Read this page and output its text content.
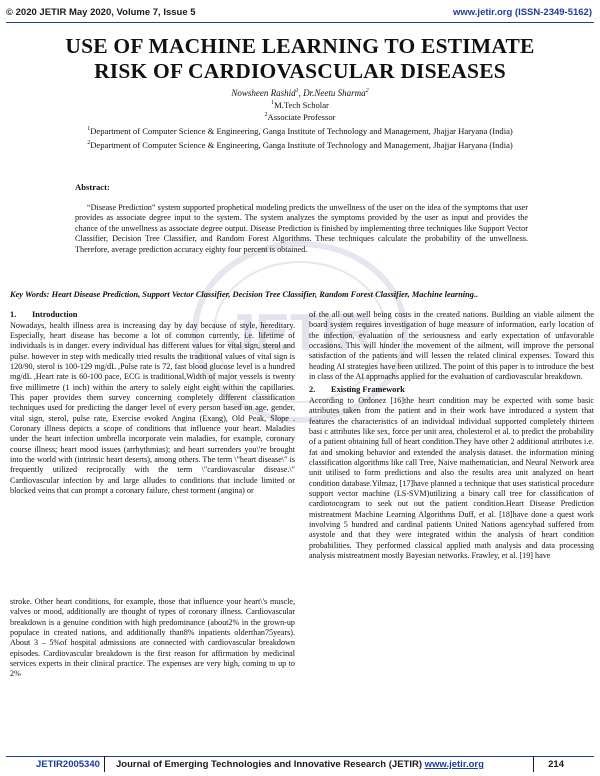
© 2020 JETIR May 2020, Volume 7, Issue 5	www.jetir.org (ISSN-2349-5162)
JETIR
USE OF MACHINE LEARNING TO ESTIMATE
RISK OF CARDIOVASCULAR DISEASES
Nowsheen Rashid$^1$, Dr.Neetu Sharma$^2$
$^1$M.Tech Scholar
$^2$Associate Professor
$^1$Department of Computer Science & Engineering, Ganga Institute of Technology and Management, Jhajjar Haryana (India)
$^2$Department of Computer Science & Engineering, Ganga Institute of Technology and Management, Jhajjar Haryana (India)
Abstract:
“Disease Prediction” system supported prophetical modeling predicts the unwellness of the user on the idea of the symptoms that user provides as associate degree input to the system. The system analyzes the symptoms provided by the user as input and provides the chance of the unwellness as associate degree output. Disease Prediction is finished by implementing three techniques like Support Vector Classifier, Decision Tree Classifier, and Random Forest Algorithms. These techniques calculate the probability of the unwellness. Therefore, average prediction accuracy eighty four percent is obtained.
Key Words: Heart Disease Prediction, Support Vector Classifier, Decision Tree Classifier, Random Forest Classifier, Machine learning..
1. Introduction

Nowadays, health illness area is increasing day by day because of style, hereditary. Especially, heart disease has become a lot of common currently, i.e. lifetime of individuals is in danger. every individual has different values for vital sign, sterol and pulse. however in step with medically tried results the traditional values of vital sign is 120/90, sterol is 100-129 mg/dL ,Pulse rate is 72, fast blood glucose level is a hundred mg/dL ,Heart rate is 60-100 pace, ECG is traditional,Width of major vessels is twenty five millimetre (1 inch) within the artery to solely eight eight within the capillaries. This paper provides them survey concerning completely different classification techniques used for predicting the danger level of every person based on age, gender, vital sign, sterol, pulse rate, Exercise evoked Angina (Exang), Old Peak, Slope . Coronary illness depicts a scope of conditions that influence your heart. Maladies under the heart infection umbrella incorporate vein maladies, for example, coronary course illness; heart mood issues (arrhythmias); and heart surrenders you\'re brought into the world with (intrinsic heart deserts), among others. The term \"heart disease\" is frequently utilized reciprocally with the term \"cardiovascular disease.\" Cardiovascular infection by and large alludes to conditions that include limited or blocked veins that can prompt a coronary failure, chest torment (angina) or

stroke. Other heart conditions, for example, those that influence your heart\'s muscle, valves or mood, additionally are thought of types of coronary illness. Cardiovascular breakdown is a genuine condition with high predominance (about2% in the grown-up populace in created nations, and additionally than8% inpatients olderthan75years). About 3 – 5%of hospital admissions are connected with cardiovascular breakdown episodes. Cardiovascular breakdown is the first reason for affirmation by medicinal services experts in their clinical practice. The expenses are very high, coming to up to 2%

of the all out well being costs in the created nations. Building an viable ailment the board system requires investigation of huge measure of information, early location of the infection, evaluation of the seriousness and early expectation of unfavorable occasions. This will hinder the movement of the ailment, will improve the personal satisfaction of the patients and will lessen the related clinical expenses. Toward this heading AI strategies have been utilized. The point of this paper is to introduce the best in class of the AI approachs applied for the evaluation of cardiovascular breakdown.

2. Existing Framework

According to Ordonez [16]the heart condition may be expected with some basic attributes taken from the patient and in their work have introduced a system that features the characteristics of an individual individual supported completely thirteen basi c attributes like sex, force per unit area, cholesterol et al. to predict the probability of a patient obtaining full of heart condition.They have other 2 additional attributes i.e. fat and smoking behavior and extended the analysis dataset. the information mining classification algorithms like call Tree, Naive mathematician, and Neural Network area unit utilised to form predictions and also the results area unit analyzed on heart condition database.Yilmaz, [17]have planned a technique that uses statistical procedure support vector machine (LS-SVM)utilizing a binary call tree for classification of cardiotocogram to seek out out the patient condition.Heart Disease Prediction mistreatment Machine Learning Algorithms Duff, et al. [18]have done a quest work involving 5 hundred and cardinal patients United Nations agencyhad suffered from asystole and that they were integrated within the analysis of heart condition probabilities. They performed classical applied math analysis and data processing analysis mistreatment mostly Bayesian networks. Frawley, et al. [19] have

JETIR2005340 Journal of Emerging Technologies and Innovative Research (JETIR) www.jetir.org	214
